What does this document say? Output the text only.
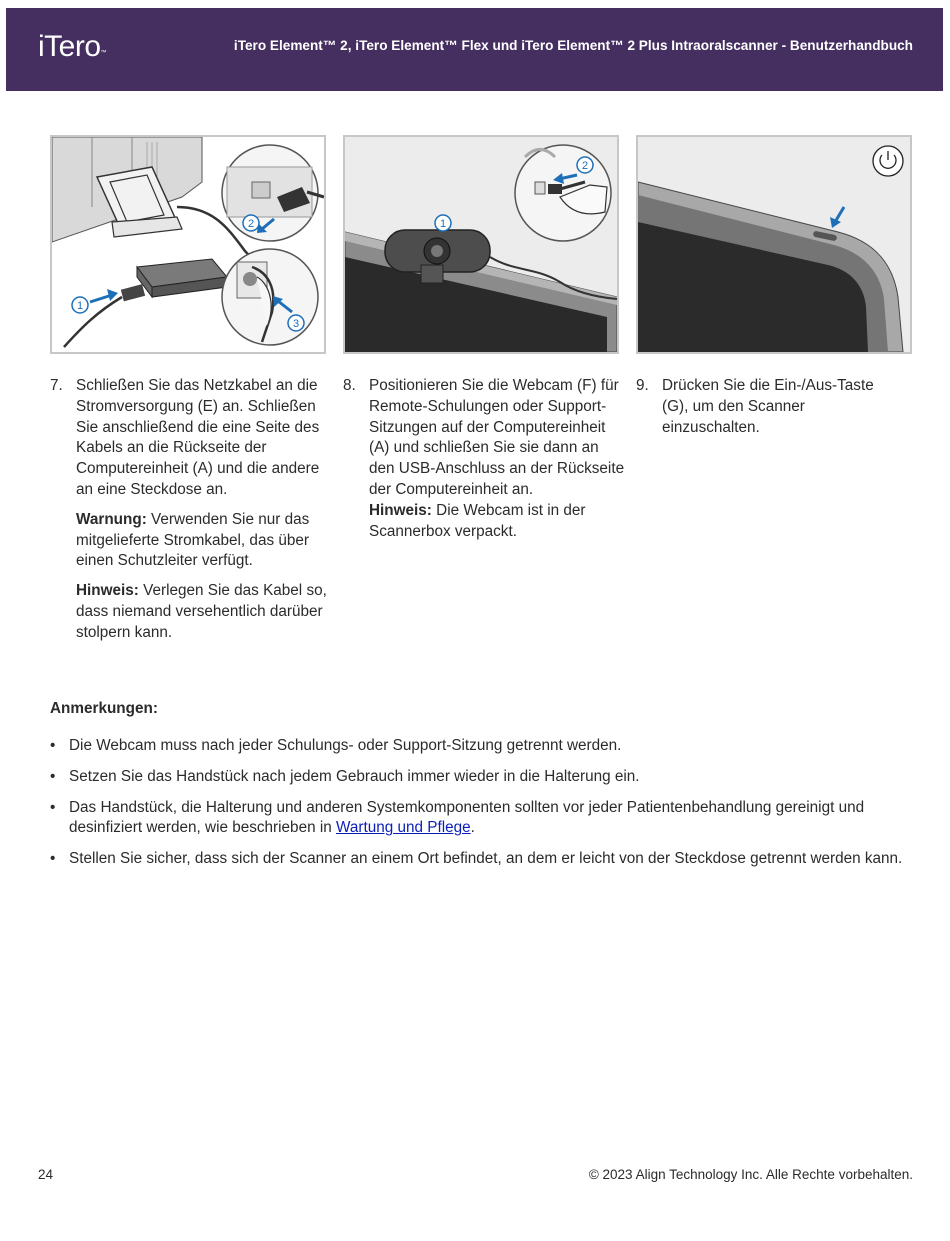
iTero™	iTero Element™ 2, iTero Element™ Flex und iTero Element™ 2 Plus Intraoralscanner - Benutzerhandbuch
1
2
3
1
2
7. Schließen Sie das Netzkabel an die Stromversorgung (E) an. Schließen Sie anschließend die eine Seite des Kabels an die Rückseite der Computereinheit (A) und die andere an eine Steckdose an.

Warnung: Verwenden Sie nur das mitgelieferte Stromkabel, das über einen Schutzleiter verfügt.

Hinweis: Verlegen Sie das Kabel so, dass niemand versehentlich darüber stolpern kann.

8. Positionieren Sie die Webcam (F) für Remote-Schulungen oder Support-Sitzungen auf der Computereinheit (A) und schließen Sie sie dann an den USB-Anschluss an der Rückseite der Computereinheit an.
Hinweis: Die Webcam ist in der Scannerbox verpackt.
9. Drücken Sie die Ein-/Aus-Taste (G), um den Scanner einzuschalten.
Anmerkungen:
• Die Webcam muss nach jeder Schulungs- oder Support-Sitzung getrennt werden.
• Setzen Sie das Handstück nach jedem Gebrauch immer wieder in die Halterung ein.
• Das Handstück, die Halterung und anderen Systemkomponenten sollten vor jeder Patientenbehandlung gereinigt und desinfiziert werden, wie beschrieben in Wartung und Pflege.
• Stellen Sie sicher, dass sich der Scanner an einem Ort befindet, an dem er leicht von der Steckdose getrennt werden kann.
24	© 2023 Align Technology Inc. Alle Rechte vorbehalten.
